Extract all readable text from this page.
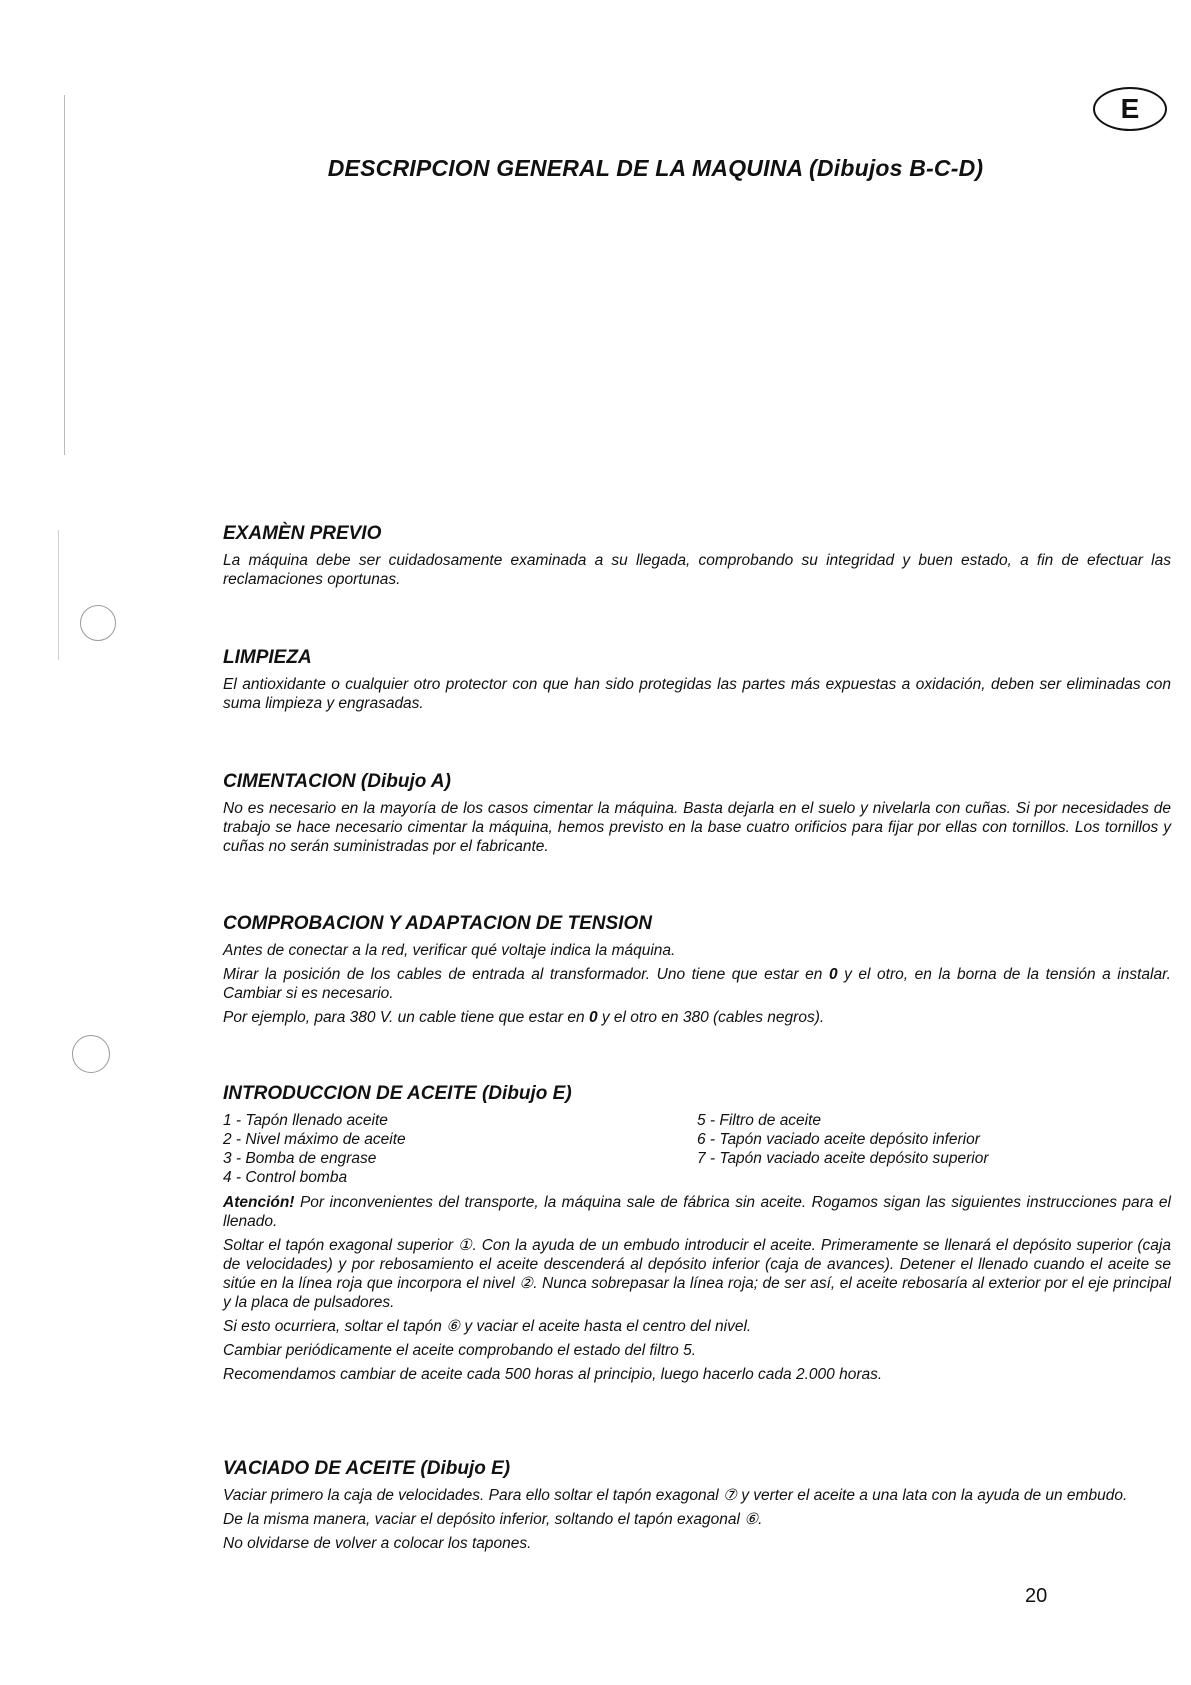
E
DESCRIPCION GENERAL DE LA MAQUINA (Dibujos B-C-D)
EXAMÈN PREVIO

La máquina debe ser cuidadosamente examinada a su llegada, comprobando su integridad y buen estado, a fin de efectuar las reclamaciones oportunas.

LIMPIEZA

El antioxidante o cualquier otro protector con que han sido protegidas las partes más expuestas a oxidación, deben ser eliminadas con suma limpieza y engrasadas.

CIMENTACION (Dibujo A)

No es necesario en la mayoría de los casos cimentar la máquina. Basta dejarla en el suelo y nivelarla con cuñas. Si por necesidades de trabajo se hace necesario cimentar la máquina, hemos previsto en la base cuatro orificios para fijar por ellas con tornillos. Los tornillos y cuñas no serán suministradas por el fabricante.

COMPROBACION Y ADAPTACION DE TENSION

Antes de conectar a la red, verificar qué voltaje indica la máquina.

Mirar la posición de los cables de entrada al transformador. Uno tiene que estar en 0 y el otro, en la borna de la tensión a instalar. Cambiar si es necesario.

Por ejemplo, para 380 V. un cable tiene que estar en 0 y el otro en 380 (cables negros).

INTRODUCCION DE ACEITE (Dibujo E)
1 - Tapón llenado aceite
2 - Nivel máximo de aceite
3 - Bomba de engrase
4 - Control bomba
5 - Filtro de aceite
6 - Tapón vaciado aceite depósito inferior
7 - Tapón vaciado aceite depósito superior

Atención! Por inconvenientes del transporte, la máquina sale de fábrica sin aceite. Rogamos sigan las siguientes instrucciones para el llenado.

Soltar el tapón exagonal superior ①. Con la ayuda de un embudo introducir el aceite. Primeramente se llenará el depósito superior (caja de velocidades) y por rebosamiento el aceite descenderá al depósito inferior (caja de avances). Detener el llenado cuando el aceite se sitúe en la línea roja que incorpora el nivel ②. Nunca sobrepasar la línea roja; de ser así, el aceite rebosaría al exterior por el eje principal y la placa de pulsadores.

Si esto ocurriera, soltar el tapón ⑥ y vaciar el aceite hasta el centro del nivel.

Cambiar periódicamente el aceite comprobando el estado del filtro 5.

Recomendamos cambiar de aceite cada 500 horas al principio, luego hacerlo cada 2.000 horas.

VACIADO DE ACEITE (Dibujo E)

Vaciar primero la caja de velocidades. Para ello soltar el tapón exagonal ⑦ y verter el aceite a una lata con la ayuda de un embudo.

De la misma manera, vaciar el depósito inferior, soltando el tapón exagonal ⑥.

No olvidarse de volver a colocar los tapones.

20
